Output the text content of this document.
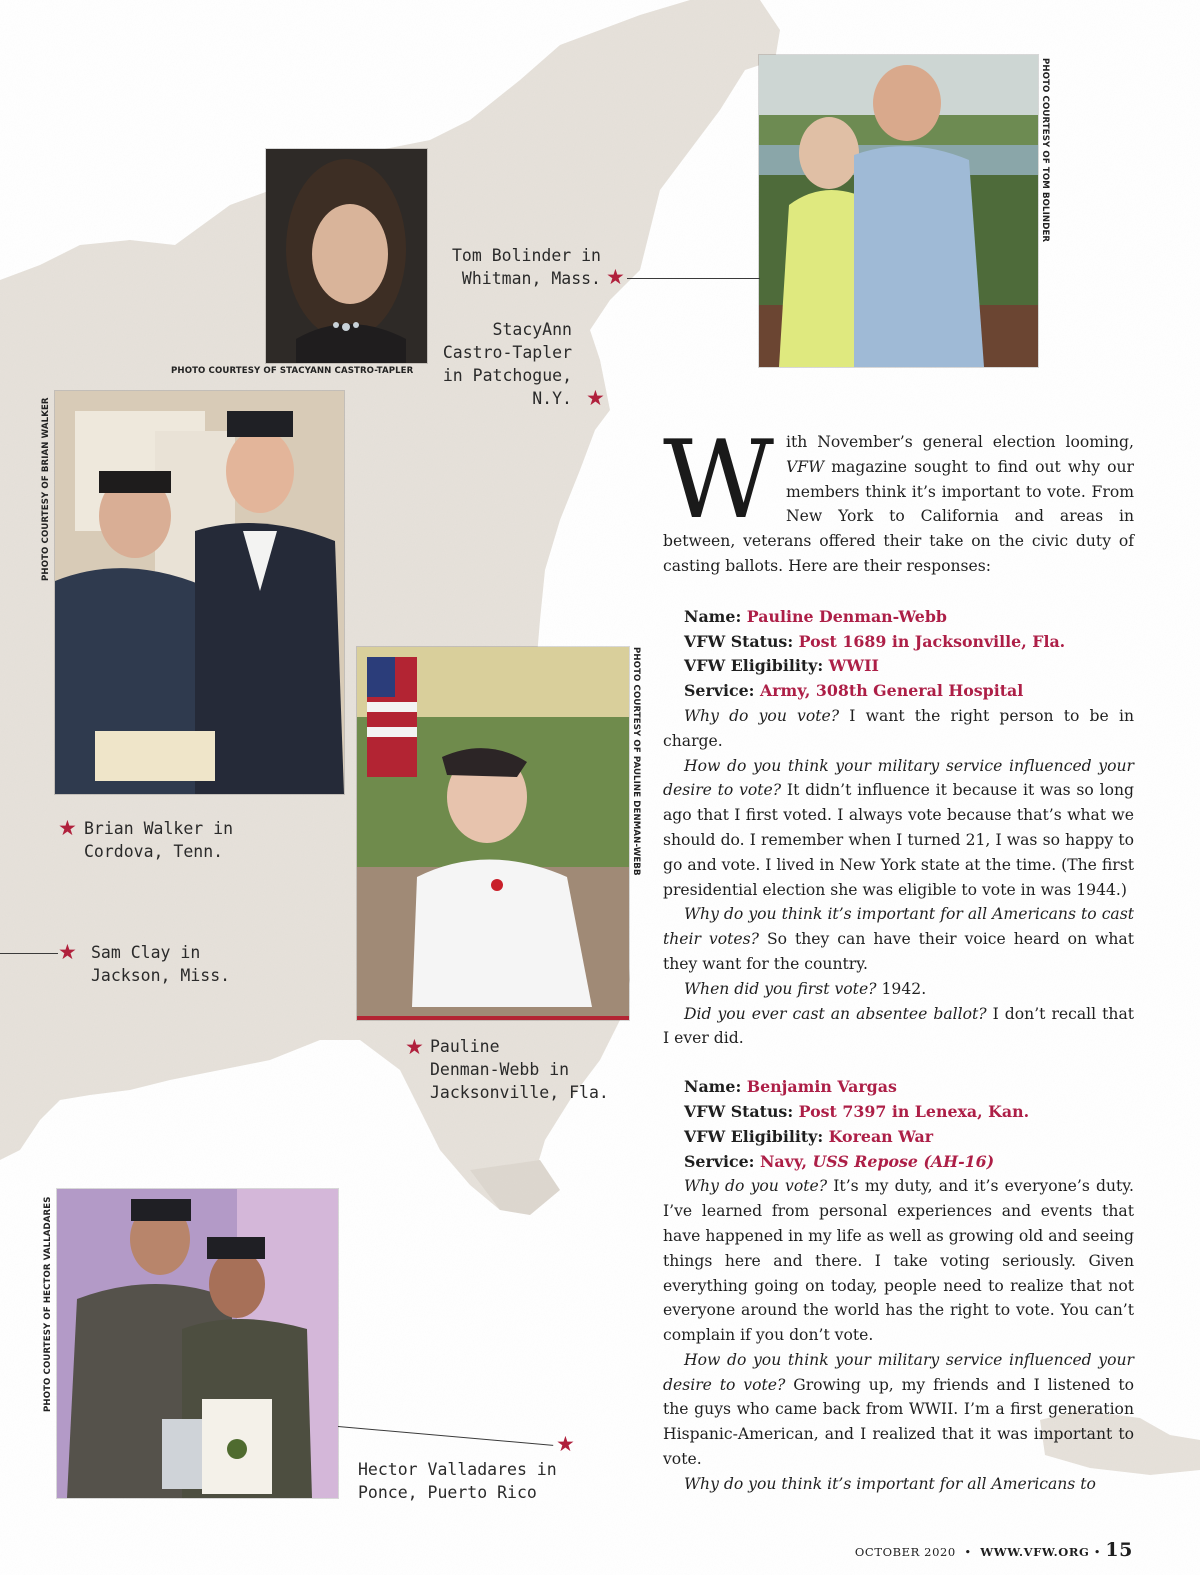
PHOTO COURTESY OF TOM BOLINDER
PHOTO COURTESY OF STACYANN CASTRO-TAPLER
PHOTO COURTESY OF BRIAN WALKER
PHOTO COURTESY OF PAULINE DENMAN-WEBB
PHOTO COURTESY OF HECTOR VALLADARES
Tom Bolinder in
Whitman, Mass. ★
StacyAnn
Castro-Tapler
in Patchogue,
N.Y. ★
★ Brian Walker in
Cordova, Tenn.
★ Sam Clay in
Jackson, Miss.
★ Pauline
Denman-Webb in
Jacksonville, Fla.
★
Hector Valladares in
Ponce, Puerto Rico

With November’s general election looming, VFW magazine sought to find out why our members think it’s important to vote. From New York to California and areas in between, veterans offered their take on the civic duty of casting ballots. Here are their responses:

Name: Pauline Denman-Webb
VFW Status: Post 1689 in Jacksonville, Fla.
VFW Eligibility: WWII
Service: Army, 308th General Hospital

Why do you vote? I want the right person to be in charge.

How do you think your military service influenced your desire to vote? It didn’t influence it because it was so long ago that I first voted. I always vote because that’s what we should do. I remember when I turned 21, I was so happy to go and vote. I lived in New York state at the time. (The first presidential election she was eligible to vote in was 1944.)

Why do you think it’s important for all Americans to cast their votes? So they can have their voice heard on what they want for the country.

When did you first vote? 1942.

Did you ever cast an absentee ballot? I don’t recall that I ever did.

Name: Benjamin Vargas
VFW Status: Post 7397 in Lenexa, Kan.
VFW Eligibility: Korean War
Service: Navy, USS Repose (AH-16)

Why do you vote? It’s my duty, and it’s everyone’s duty. I’ve learned from personal experiences and events that have happened in my life as well as growing old and seeing things here and there. I take voting seriously. Given everything going on today, people need to realize that not everyone around the world has the right to vote. You can’t complain if you don’t vote.

How do you think your military service influenced your desire to vote? Growing up, my friends and I listened to the guys who came back from WWII. I’m a first generation Hispanic-American, and I realized that it was important to vote.

Why do you think it’s important for all Americans to

OCTOBER 2020 • WWW.VFW.ORG • 15
